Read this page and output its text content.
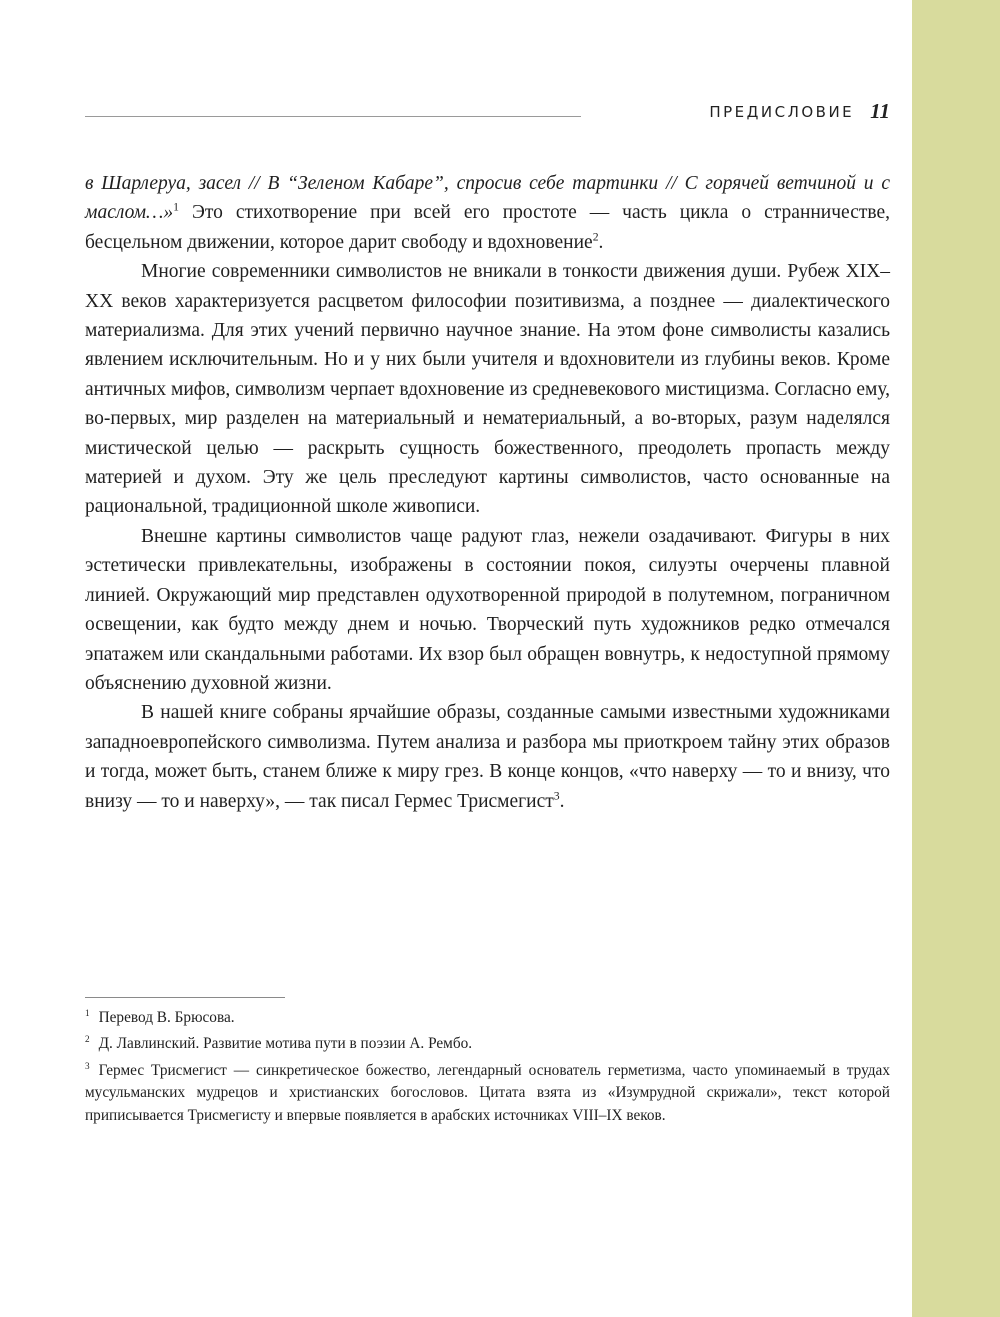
ПРЕДИСЛОВИЕ 11

в Шарлеруа, засел // В “Зеленом Кабаре”, спросив себе тартинки // С горячей ветчиной и с маслом…»$^1$ Это стихотворение при всей его простоте — часть цикла о странничестве, бесцельном движении, которое дарит свободу и вдохновение$^2$.

Многие современники символистов не вникали в тонкости движения души. Рубеж XIX–XX веков характеризуется расцветом философии позитивизма, а позднее — диалектического материализма. Для этих учений первично научное знание. На этом фоне символисты казались явлением исключительным. Но и у них были учителя и вдохновители из глубины веков. Кроме античных мифов, символизм черпает вдохновение из средневекового мистицизма. Согласно ему, во-первых, мир разделен на материальный и нематериальный, а во-вторых, разум наделялся мистической целью — раскрыть сущность божественного, преодолеть пропасть между материей и духом. Эту же цель преследуют картины символистов, часто основанные на рациональной, традиционной школе живописи.

Внешне картины символистов чаще радуют глаз, нежели озадачивают. Фигуры в них эстетически привлекательны, изображены в состоянии покоя, силуэты очерчены плавной линией. Окружающий мир представлен одухотворенной природой в полутемном, пограничном освещении, как будто между днем и ночью. Творческий путь художников редко отмечался эпатажем или скандальными работами. Их взор был обращен вовнутрь, к недоступной прямому объяснению духовной жизни.

В нашей книге собраны ярчайшие образы, созданные самыми известными художниками западноевропейского символизма. Путем анализа и разбора мы приоткроем тайну этих образов и тогда, может быть, станем ближе к миру грез. В конце концов, «что наверху — то и внизу, что внизу — то и наверху», — так писал Гермес Трисмегист$^3$.

$^1$ Перевод В. Брюсова.

$^2$ Д. Лавлинский. Развитие мотива пути в поэзии А. Рембо.

$^3$ Гермес Трисмегист — синкретическое божество, легендарный основатель герметизма, часто упоминаемый в трудах мусульманских мудрецов и христианских богословов. Цитата взята из «Изумрудной скрижали», текст которой приписывается Трисмегисту и впервые появляется в арабских источниках VIII–IX веков.
